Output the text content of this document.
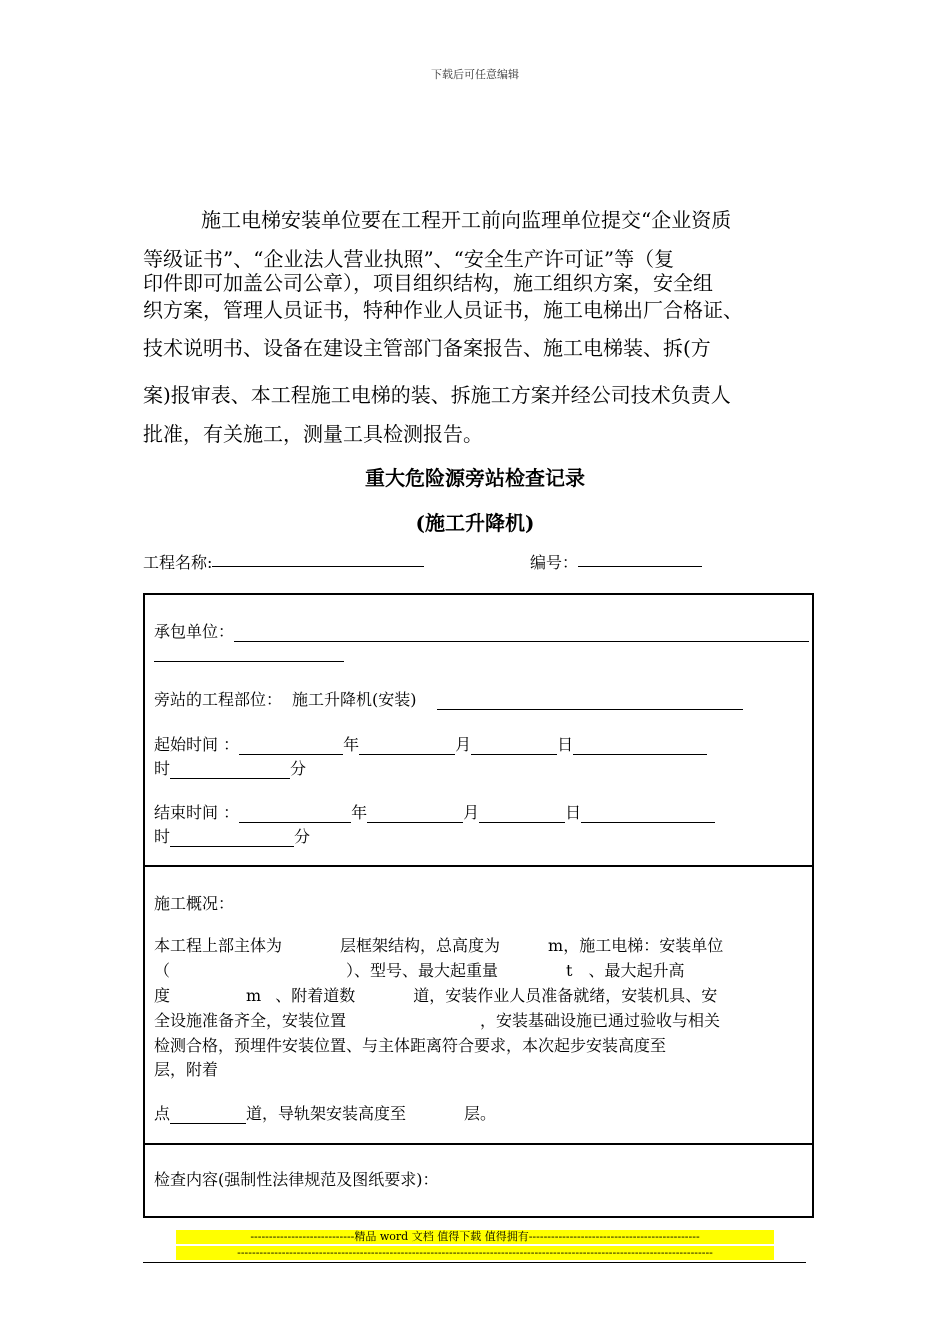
下载后可任意编辑
施工电梯安装单位要在工程开工前向监理单位提交“企业资质
等级证书”、“企业法人营业执照”、“安全生产许可证”等（复
印件即可加盖公司公章），项目组织结构，施工组织方案，安全组
织方案，管理人员证书，特种作业人员证书，施工电梯出厂合格证、
技术说明书、设备在建设主管部门备案报告、施工电梯装、拆(方
案)报审表、本工程施工电梯的装、拆施工方案并经公司技术负责人
批准，有关施工，测量工具检测报告。
重大危险源旁站检查记录
(施工升降机)
工程名称:	编号：
承包单位：
旁站的工程部位： 施工升降机(安装)
起始时间 ：	年	月	日
时	分
结束时间 ：	年	月	日
时	分
施工概况：
本工程上部主体为	层框架结构，总高度为	m，施工电梯：安装单位
（	）、型号、最大起重量	t 、最大起升高
度	m 、附着道数	道，安装作业人员准备就绪，安装机具、安
全设施准备齐全，安装位置	，安装基础设施已通过验收与相关
检测合格，预埋件安装位置、与主体距离符合要求，本次起步安装高度至
层，附着
点	道，导轨架安装高度至	层。
检查内容(强制性法律规范及图纸要求)：
----------------------------精品 word 文档 值得下载 值得拥有----------------------------------------------
--------------------------------------------------------------------------------------------------------------------------------
